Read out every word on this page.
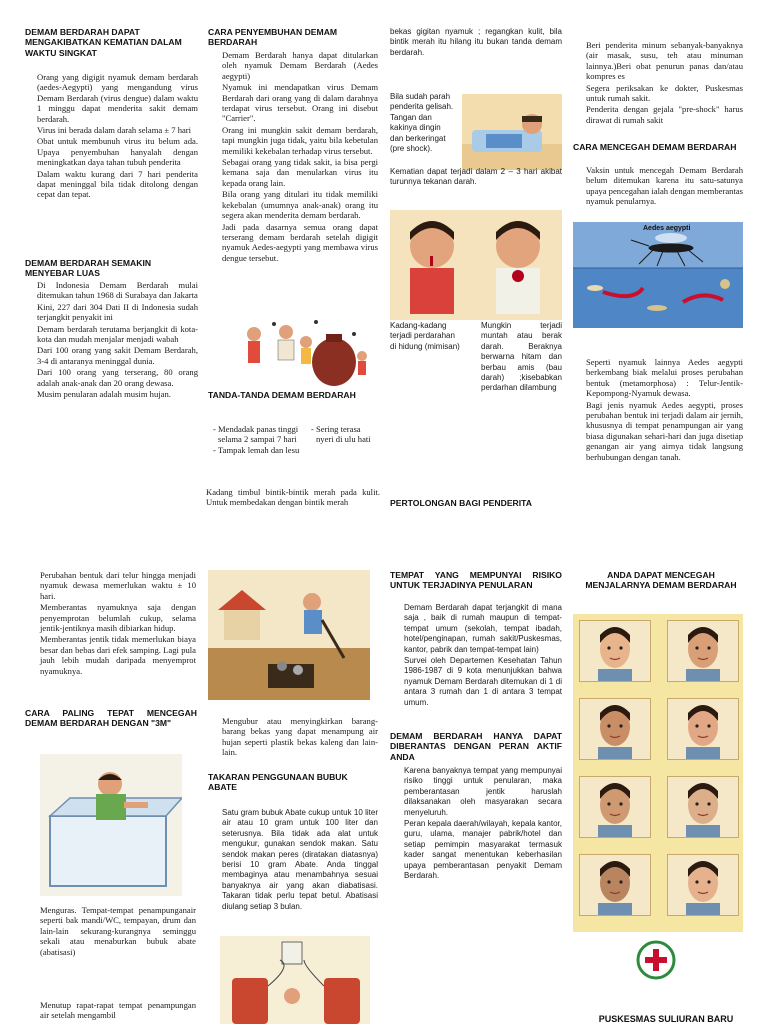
DEMAM BERDARAH DAPAT MENGAKIBATKAN KEMATIAN DALAM WAKTU SINGKAT

Orang yang digigit nyamuk demam berdarah (aedes-Aegypti) yang mengandung virus Demam Berdarah (virus dengue) dalam waktu 1 minggu dapat menderita sakit demam berdarah.

Virus ini berada dalam darah selama ± 7 hari

Obat untuk membunuh virus itu belum ada. Upaya penyembuhan hanyalah dengan meningkatkan daya tahan tubuh penderita

Dalam waktu kurang dari 7 hari penderita dapat meninggal bila tidak ditolong dengan cepat dan tepat.

DEMAM BERDARAH SEMAKIN MENYEBAR LUAS

Di Indonesia Demam Berdarah mulai ditemukan tahun 1968 di Surabaya dan Jakarta

Kini, 227 dari 304 Dati II di Indonesia sudah terjangkit penyakit ini

Demam berdarah terutama berjangkit di kota-kota dan mudah menjalar menjadi wabah

Dari 100 orang yang sakit Demam Berdarah, 3-4 di antaranya meninggal dunia.

Dari 100 orang yang terserang, 80 orang adalah anak-anak dan 20 orang dewasa.

Musim penularan adalah musim hujan.

CARA PENYEMBUHAN DEMAM BERDARAH

Demam Berdarah hanya dapat ditularkan oleh nyamuk Demam Berdarah (Aedes aegypti)

Nyamuk ini mendapatkan virus Demam Berdarah dari orang yang di dalam darahnya terdapat virus tersebut. Orang ini disebut "Carrier".

Orang ini mungkin sakit demam berdarah, tapi mungkin juga tidak, yaitu bila kebetulan memiliki kekebalan terhadap virus tersebut.

Sebagai orang yang tidak sakit, ia bisa pergi kemana saja dan menularkan virus itu kepada orang lain.

Bila orang yang ditulari itu tidak memiliki kekebalan (umumnya anak-anak) orang itu segera akan menderita demam berdarah.

Jadi pada dasarnya semua orang dapat terserang demam berdarah setelah digigit nyamuk Aedes-aegypti yang membawa virus dengue tersebut.

TANDA-TANDA DEMAM BERDARAH
- Mendadak panas tinggi selama 2 sampai 7 hari
- Tampak lemah dan lesu
- Sering terasa nyeri di ulu hati

Kadang timbul bintik-bintik merah pada kulit. Untuk membedakan dengan bintik merah

bekas gigitan nyamuk ; regangkan kulit, bila bintik merah itu hilang itu bukan tanda demam berdarah.

Bila sudah parah penderita gelisah. Tangan dan kakinya dingin dan berkeringat (pre shock).

Kematian dapat terjadi dalam 2 – 3 hari akibat turunnya tekanan darah.

Kadang-kadang terjadi perdarahan di hidung (mimisan)

Mungkin terjadi muntah atau berak darah. Beraknya berwarna hitam dan berbau amis (bau darah) ;kisebabkan perdarhan dilambung

PERTOLONGAN BAGI PENDERITA

Beri penderita minum sebanyak-banyaknya (air masak, susu, teh atau minuman lainnya.)Beri obat penurun panas dan/atau kompres es

Segera periksakan ke dokter, Puskesmas untuk rumah sakit.

Penderita dengan gejala "pre-shock" harus dirawat di rumah sakit

CARA MENCEGAH DEMAM BERDARAH

Vaksin untuk mencegah Demam Berdarah belum ditemukan karena itu satu-satunya upaya pencegahan ialah dengan memberantas nyamuk penularnya.

Aedes aegypti

Seperti nyamuk lainnya Aedes aegypti berkembang biak melalui proses perubahan bentuk (metamorphosa) : Telur-Jentik-Kepompong-Nyamuk dewasa.

Bagi jenis nyamuk Aedes aegypti, proses perubahan bentuk ini terjadi dalam air jernih, khususnya di tempat penampungan air yang biasa digunakan sehari-hari dan juga disetiap genangan air yang airnya tidak langsung berhubungan dengan tanah.

Perubahan bentuk dari telur hingga menjadi nyamuk dewasa memerlukan waktu ± 10 hari.

Memberantas nyamuknya saja dengan penyemprotan belumlah cukup, selama jentik-jentiknya masih dibiarkan hidup.

Memberantas jentik tidak memerlukan biaya besar dan bebas dari efek samping. Lagi pula jauh lebih mudah daripada menyemprot nyamuknya.

CARA PALING TEPAT MENCEGAH DEMAM BERDARAH DENGAN "3M"

Menguras. Tempat-tempat penampunganair seperti bak mandi/WC, tempayan, drum dan lain-lain sekurang-kurangnya seminggu sekali atau menaburkan bubuk abate (abatisasi)

Menutup rapat-rapat tempat penampungan air setelah mengambil

Mengubur atau menyingkirkan barang-barang bekas yang dapat menampung air hujan seperti plastik bekas kaleng dan lain-lain.

TAKARAN PENGGUNAAN BUBUK ABATE

Satu gram bubuk Abate cukup untuk 10 liter air atau 10 gram untuk 100 liter dan seterusnya. Bila tidak ada alat untuk mengukur, gunakan sendok makan. Satu sendok makan peres (diratakan diatasnya) berisi 10 gram Abate. Anda tinggal membaginya atau menambahnya sesuai banyaknya air yang akan diabatisasi. Takaran tidak perlu tepat betul. Abatisasi diulang setiap 3 bulan.

TEMPAT YANG MEMPUNYAI RISIKO UNTUK TERJADINYA PENULARAN

Demam Berdarah dapat terjangkit di mana saja , baik di rumah maupun di tempat-tempat umum (sekolah, tempat ibadah, hotel/penginapan, rumah sakit/Puskesmas, kantor, pabrik dan tempat-tempat lain)

Survei oleh Departemen Kesehatan Tahun 1986-1987 di 9 kota menunjukkan bahwa nyamuk Demam Berdarah ditemukan di 1 di antara 3 rumah dan 1 di antara 3 tempat umum.

DEMAM BERDARAH HANYA DAPAT DIBERANTAS DENGAN PERAN AKTIF ANDA

Karena banyaknya tempat yang mempunyai risiko tinggi untuk penularan, maka pemberantasan jentik haruslah dilaksanakan oleh masyarakan secara menyeluruh.

Peran kepala daerah/wilayah, kepala kantor, guru, ulama, manajer pabrik/hotel dan setiap pemimpin masyarakat termasuk kader sangat menentukan keberhasilan upaya pemberantasan penyakit Demam Berdarah.

ANDA DAPAT MENCEGAH MENJALARNYA DEMAM BERDARAH
PUSKESMAS SULIURAN BARU
